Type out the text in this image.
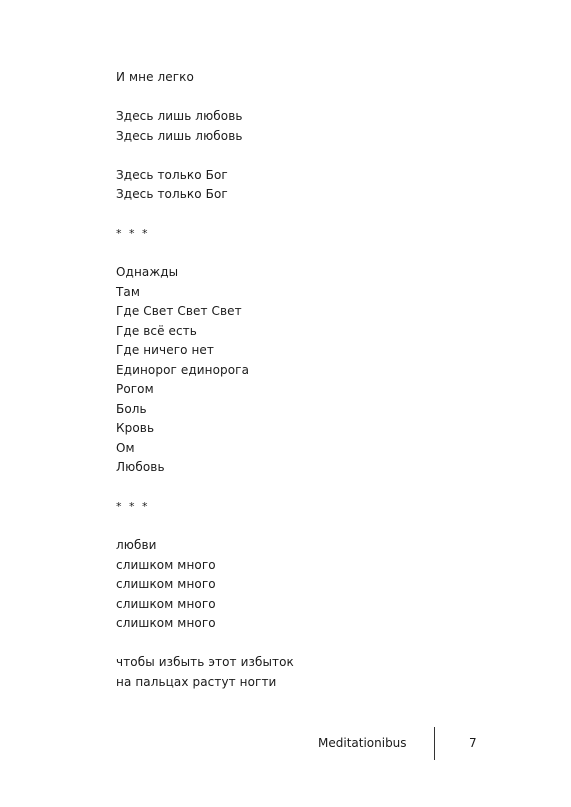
И мне легко
Здесь лишь любовь
Здесь лишь любовь
Здесь только Бог
Здесь только Бог
* * *
Однажды
Там
Где Свет Свет Свет
Где всё есть
Где ничего нет
Единорог единорога
Рогом
Боль
Кровь
Ом
Любовь
* * *
любви
слишком много
слишком много
слишком много
слишком много
чтобы избыть этот избыток
на пальцах растут ногти
Meditationibus	7
